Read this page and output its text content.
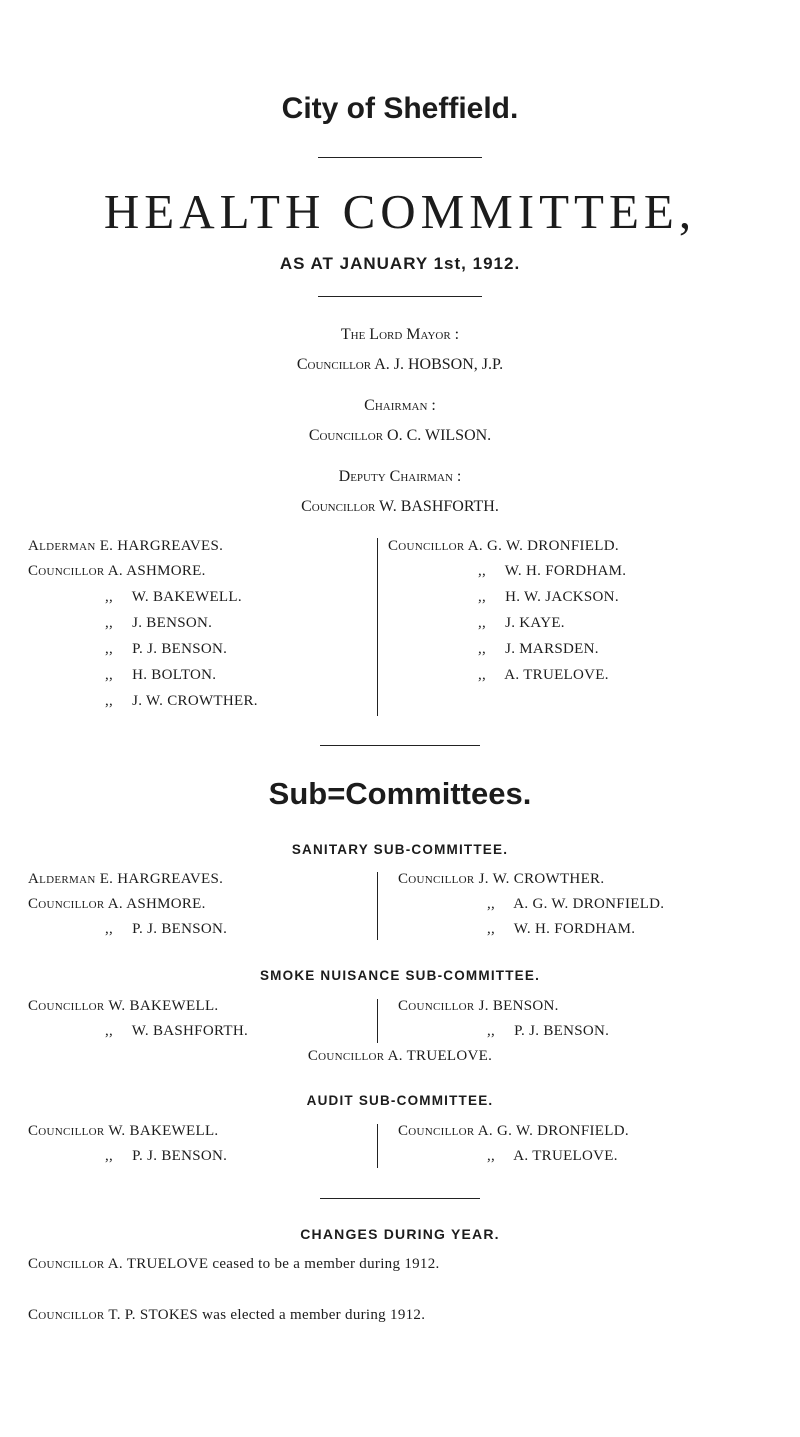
City of Sheffield.
HEALTH COMMITTEE,
AS AT JANUARY 1st, 1912.
The Lord Mayor :
Councillor A. J. HOBSON, J.P.
Chairman :
Councillor O. C. WILSON.
Deputy Chairman :
Councillor W. BASHFORTH.
Alderman E. HARGREAVES.
Councillor A. ASHMORE.
,, W. BAKEWELL.
,, J. BENSON.
,, P. J. BENSON.
,, H. BOLTON.
,, J. W. CROWTHER.
Councillor A. G. W. DRONFIELD.
,, W. H. FORDHAM.
,, H. W. JACKSON.
,, J. KAYE.
,, J. MARSDEN.
,, A. TRUELOVE.
Sub=Committees.
SANITARY SUB-COMMITTEE.
Alderman E. HARGREAVES.
Councillor A. ASHMORE.
,, P. J. BENSON.
Councillor J. W. CROWTHER.
,, A. G. W. DRONFIELD.
,, W. H. FORDHAM.
SMOKE NUISANCE SUB-COMMITTEE.
Councillor W. BAKEWELL.
,, W. BASHFORTH.
Councillor J. BENSON.
,, P. J. BENSON.
Councillor A. TRUELOVE.
AUDIT SUB-COMMITTEE.
Councillor W. BAKEWELL.
,, P. J. BENSON.
Councillor A. G. W. DRONFIELD.
,, A. TRUELOVE.
CHANGES DURING YEAR.
Councillor A. TRUELOVE ceased to be a member during 1912.
Councillor T. P. STOKES was elected a member during 1912.
